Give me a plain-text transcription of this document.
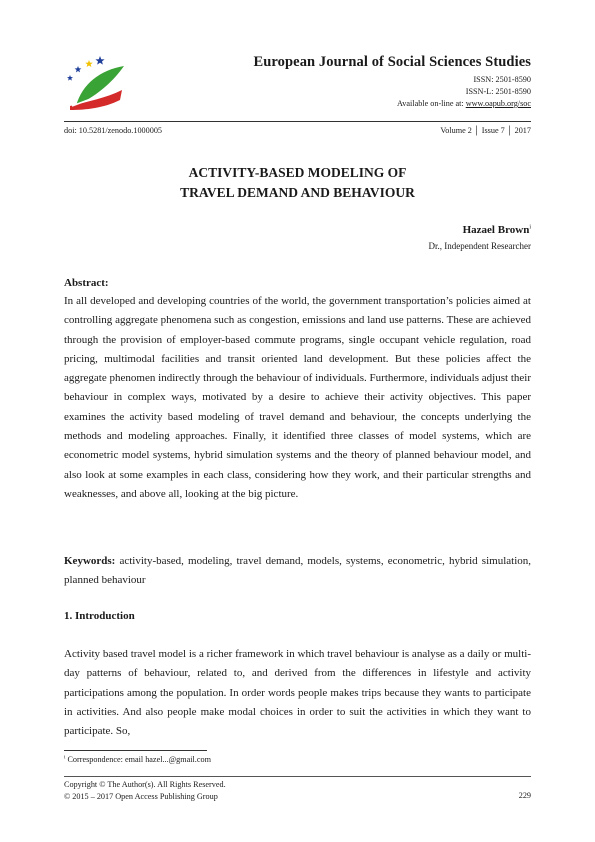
European Journal of Social Sciences Studies
ISSN: 2501-8590
ISSN-L: 2501-8590
Available on-line at: www.oapub.org/soc
doi: 10.5281/zenodo.1000005	Volume 2 │ Issue 7 │ 2017
ACTIVITY-BASED MODELING OF
TRAVEL DEMAND AND BEHAVIOUR
Hazael Brown$^i$
Dr., Independent Researcher
Abstract:

In all developed and developing countries of the world, the government transportation’s policies aimed at controlling aggregate phenomena such as congestion, emissions and land use patterns. These are achieved through the provision of employer-based commute programs, single occupant vehicle regulation, road pricing, multimodal facilities and transit oriented land development. But these policies affect the aggregate phenomen indirectly through the behaviour of individuals. Furthermore, individuals adjust their behaviour in complex ways, motivated by a desire to achieve their activity objectives. This paper examines the activity based modeling of travel demand and behaviour, the concepts underlying the methods and modeling approaches. Finally, it identified three classes of model systems, which are econometric model systems, hybrid simulation systems and the theory of planned behaviour model, and also look at some examples in each class, considering how they work, and their particular strengths and weaknesses, and above all, looking at the big picture.

Keywords: activity-based, modeling, travel demand, models, systems, econometric, hybrid simulation, planned behaviour

1. Introduction

Activity based travel model is a richer framework in which travel behaviour is analyse as a daily or multi-day patterns of behaviour, related to, and derived from the differences in lifestyle and activity participations among the population. In order words people makes trips because they wants to participate in activities. And also people make modal choices in order to suit the activities in which they want to participate. So,

$^i$ Correspondence: email hazel...@gmail.com
Copyright © The Author(s). All Rights Reserved.
© 2015 – 2017 Open Access Publishing Group	229
